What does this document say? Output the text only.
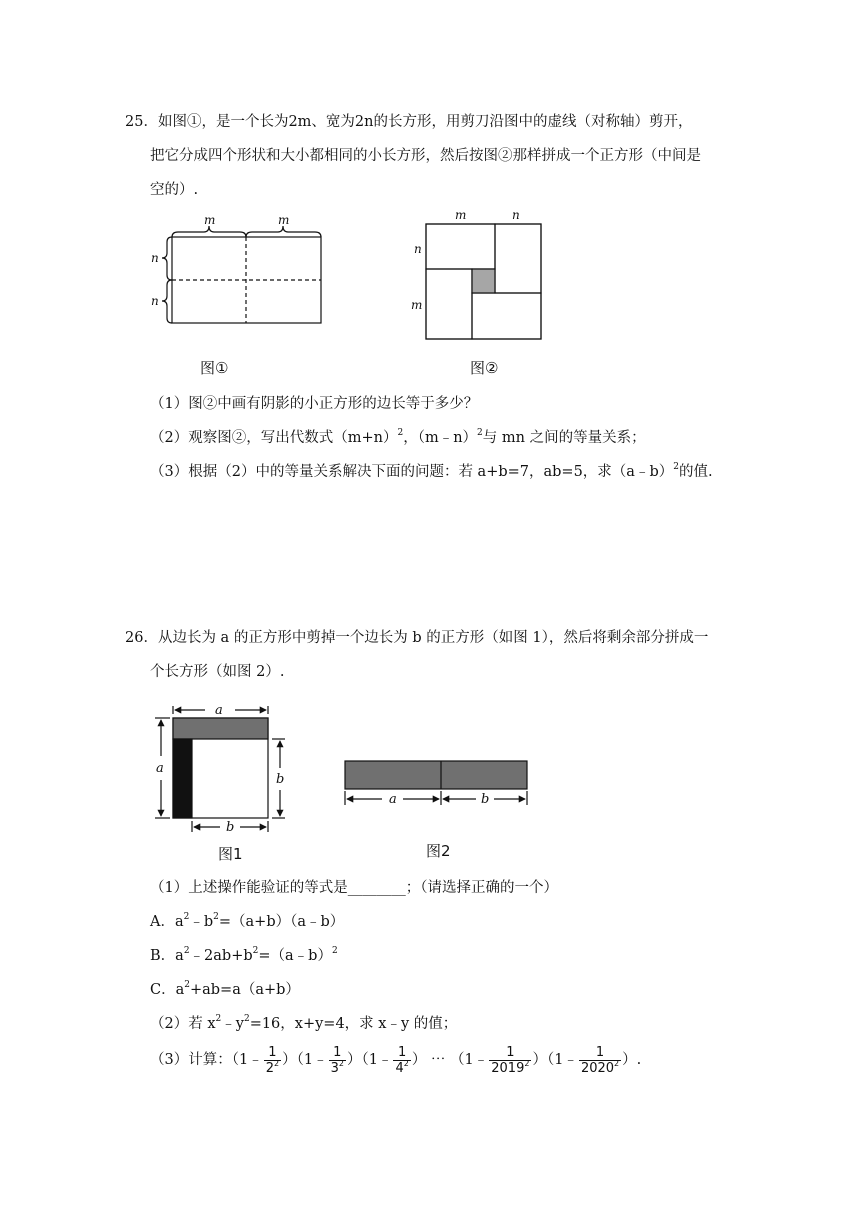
25．如图①，是一个长为2m、宽为2n的长方形，用剪刀沿图中的虚线（对称轴）剪开，
把它分成四个形状和大小都相同的小长方形，然后按图②那样拼成一个正方形（中间是
空的）.
m	m
n
n
m	n
n
m
a
a
b
b
a	b
图①	图②
（1）图②中画有阴影的小正方形的边长等于多少？
（2）观察图②，写出代数式$(m+n)^2$，（m﹣n）$^2$与 mn 之间的等量关系；
（3）根据（2）中的等量关系解决下面的问题：若 a+b=7，ab=5，求（a﹣b）$^2$的值.
26．从边长为 a 的正方形中剪掉一个边长为 b 的正方形（如图 1），然后将剩余部分拼成一
个长方形（如图 2）.
图1	图2
（1）上述操作能验证的等式是________；（请选择正确的一个）
A．$a^2﹣b^2=(a+b)(a﹣b)$
B．$a^2﹣2ab+b^2=(a﹣b)^2$
C．$a^2+ab=a(a+b)$
（2）若 $x^2﹣y^2=16$，x+y=4，求 x﹣y 的值；
（3）计算：（1﹣ $\frac{1}{2^2}$ ）（1﹣ $\frac{1}{3^2}$ ）（1﹣ $\frac{1}{4^2}$ ） ⋯ （1﹣ $\frac{1}{2019^2}$ ）（1﹣ $\frac{1}{2020^2}$ ）.
